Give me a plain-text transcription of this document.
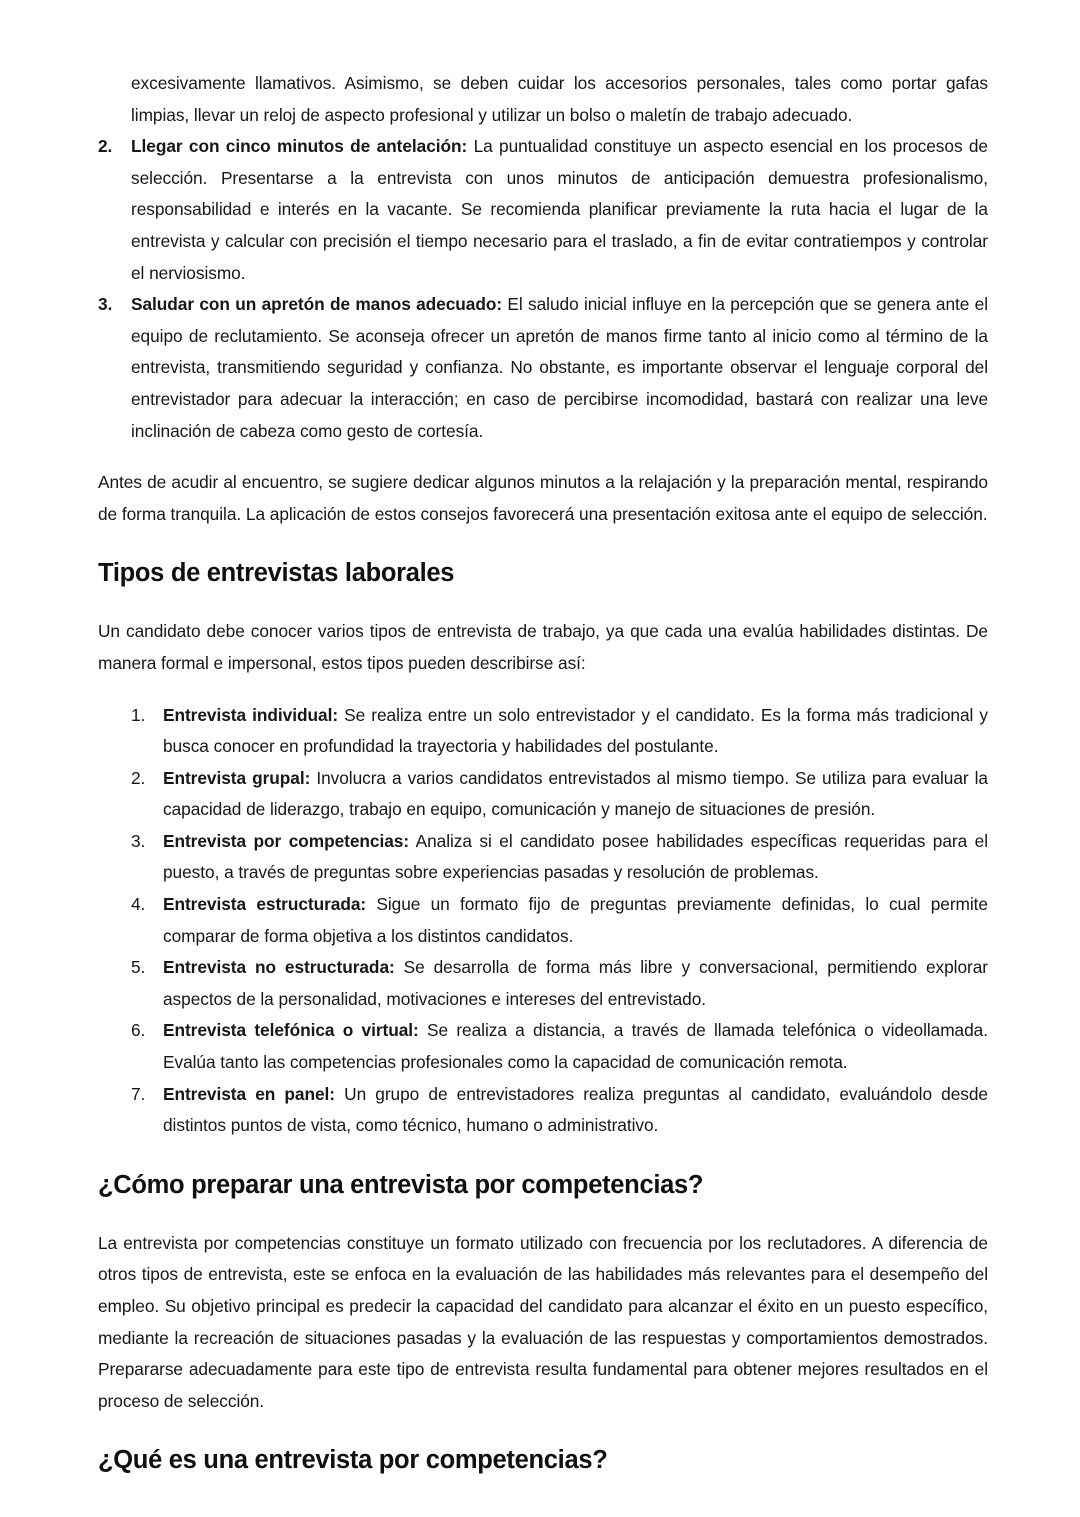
excesivamente llamativos. Asimismo, se deben cuidar los accesorios personales, tales como portar gafas limpias, llevar un reloj de aspecto profesional y utilizar un bolso o maletín de trabajo adecuado.

2.	Llegar con cinco minutos de antelación: La puntualidad constituye un aspecto esencial en los procesos de selección. Presentarse a la entrevista con unos minutos de anticipación demuestra profesionalismo, responsabilidad e interés en la vacante. Se recomienda planificar previamente la ruta hacia el lugar de la entrevista y calcular con precisión el tiempo necesario para el traslado, a fin de evitar contratiempos y controlar el nerviosismo.
3.	Saludar con un apretón de manos adecuado: El saludo inicial influye en la percepción que se genera ante el equipo de reclutamiento. Se aconseja ofrecer un apretón de manos firme tanto al inicio como al término de la entrevista, transmitiendo seguridad y confianza. No obstante, es importante observar el lenguaje corporal del entrevistador para adecuar la interacción; en caso de percibirse incomodidad, bastará con realizar una leve inclinación de cabeza como gesto de cortesía.

Antes de acudir al encuentro, se sugiere dedicar algunos minutos a la relajación y la preparación mental, respirando de forma tranquila. La aplicación de estos consejos favorecerá una presentación exitosa ante el equipo de selección.

Tipos de entrevistas laborales

Un candidato debe conocer varios tipos de entrevista de trabajo, ya que cada una evalúa habilidades distintas. De manera formal e impersonal, estos tipos pueden describirse así:

1.	Entrevista individual: Se realiza entre un solo entrevistador y el candidato. Es la forma más tradicional y busca conocer en profundidad la trayectoria y habilidades del postulante.
2.	Entrevista grupal: Involucra a varios candidatos entrevistados al mismo tiempo. Se utiliza para evaluar la capacidad de liderazgo, trabajo en equipo, comunicación y manejo de situaciones de presión.
3.	Entrevista por competencias: Analiza si el candidato posee habilidades específicas requeridas para el puesto, a través de preguntas sobre experiencias pasadas y resolución de problemas.
4.	Entrevista estructurada: Sigue un formato fijo de preguntas previamente definidas, lo cual permite comparar de forma objetiva a los distintos candidatos.
5.	Entrevista no estructurada: Se desarrolla de forma más libre y conversacional, permitiendo explorar aspectos de la personalidad, motivaciones e intereses del entrevistado.
6.	Entrevista telefónica o virtual: Se realiza a distancia, a través de llamada telefónica o videollamada. Evalúa tanto las competencias profesionales como la capacidad de comunicación remota.
7.	Entrevista en panel: Un grupo de entrevistadores realiza preguntas al candidato, evaluándolo desde distintos puntos de vista, como técnico, humano o administrativo.
¿Cómo preparar una entrevista por competencias?

La entrevista por competencias constituye un formato utilizado con frecuencia por los reclutadores. A diferencia de otros tipos de entrevista, este se enfoca en la evaluación de las habilidades más relevantes para el desempeño del empleo. Su objetivo principal es predecir la capacidad del candidato para alcanzar el éxito en un puesto específico, mediante la recreación de situaciones pasadas y la evaluación de las respuestas y comportamientos demostrados. Prepararse adecuadamente para este tipo de entrevista resulta fundamental para obtener mejores resultados en el proceso de selección.

¿Qué es una entrevista por competencias?
